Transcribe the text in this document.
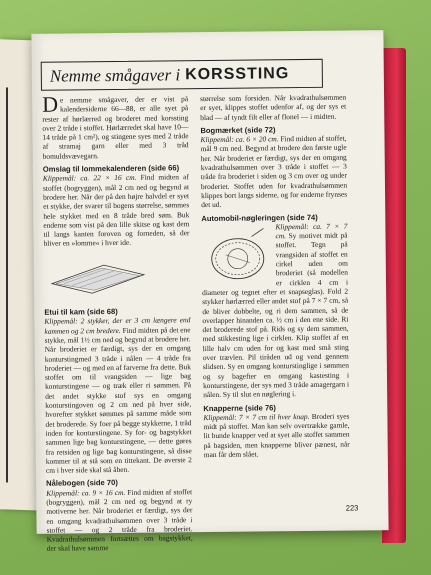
Nemme smågaver i KORSSTING

De nemme smågaver, der er vist på kalendersiderne 66—88, er alle syet på rester af hørlærred og broderet med korssting over 2 tråde i stoffet. Hørlærredet skal have 10—14 tråde på 1 cm²), og stingene syes med 2 tråde af stramaj garn eller med 3 tråd bomuldsvævegarn.

Omslag til lommekalenderen (side 66)

Klippemål: ca. 22 × 16 cm. Find midten af stoffet (bogryggen), mål 2 cm ned og begynd at brodere her. Når der på den højre halvdel er syet et stykke, der svarer til bogens størrelse, sømmes hele stykket med en 8 tråde bred søm. Buk enderne som vist på den lille skitse og kast dem til langs kanten foroven og forneden, så der bliver en »lomme« i hver ide.

Etui til kam (side 68)

Klippemål: 2 stykker, der er 3 cm længere end kammen og 2 cm bredere. Find midten på det ene stykke, mål 1½ cm ned og begynd at brodere her. Når broderiet er færdigt, sys der en omgang konturstingmed 3 tråde i nålen — 4 tråde fra broderiet — og med en af farverne fra dette. Buk stoffet om til vrangsiden — lige bag konturstingene — og træk eller ri sømmen. På det andet stykke stof sys en omgang konturstingoven og 2 cm ned på hver side, hvorefter stykket sømmes på samme måde som det broderede. Sy foer på begge stykkerne, 1 tråd inden for konturstingene. Sy for- og bagstykket sammen lige bag konturstingene, — dette gøres fra retsiden og lige bag konturstingene, så disse kommer til at stå som en tittekant. De øverste 2 cm i hver side skal stå åben.

Nålebogen (side 70)

Klippemål: ca. 9 × 16 cm. Find midten af stoffet (bogryggen), mål 2 cm ned og begynd at ry motiverne her. Når broderiet er færdigt, sys der en omgang kvadrathulsømmen over 3 tråde i stoffet — og 2 tråde fra broderiet. Kvadrathulsømmen fortsættes om bagstykket, der skal have samme

størrelse som forsiden. Når kvadrathulsømmen er syet, klippes stoffet udenfor af, og der sys et blad — af tyndt filt eller af flonel — i midten.

Bogmærket (side 72)

Klippemål: ca. 6 × 20 cm. Find midten af stoffet, mål 9 cm ned. Begynd at brodere den første ugle her. Når broderiet er færdigt, sys der en omgang kvadrathulsømmen over 3 tråde i stoffet — 3 tråde fra broderiet i siden og 3 cm over og under broderiet. Stoffet uden for kvadrathulsømmen klippes bort langs siderne, og for enderne frynses det ud.

Automobil-nøgleringen (side 74)

Klippemål: ca. 7 × 7 cm. Sy motivet midt på stoffet. Tegn på vrangsiden af stoffet en cirkel uden om broderiet (så modellen er cirklen 4 cm i diameter og tegnet efter et snapseglas). Fold 2 stykker hørlærred eller andet stof på 7 × 7 cm, så de bliver dobbelte, og ri dem sammen, så de overlapper hinanden ca. ½ cm i den ene side. Ri det broderede stof på. Rids og sy dem sammen, med stikkesting lige i cirklen. Klip stoffet af en lille halv cm uden for og kast med små sting over trævlen. Pil tiråden ud og vend gennem slidsen. Sy en omgang konturstinglige i sømmen og sy bagefter en omgang kastesting i konturstingene, der sys med 3 tråde amagergarn i nålen. Sy til slut en nøglering i.

Knapperne (side 76)

Klippemål: 7 × 7 cm til hver knap. Broderi syes midt på stoffet. Man kan selv overtrække gamle, lit bunde knapper ved at syet alle stoffet sammen på bagsiden, men knapperne bliver pænest, når man får dem slået.

223
